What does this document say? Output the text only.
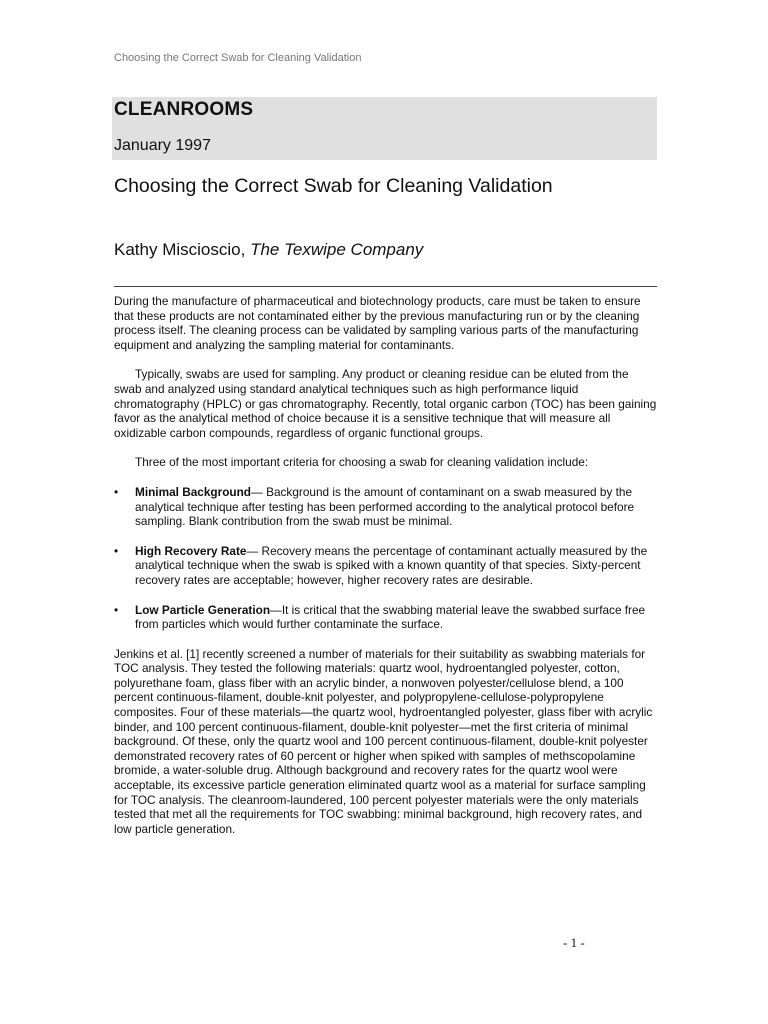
Choosing the Correct Swab for Cleaning Validation
CLEANROOMS
January 1997
Choosing the Correct Swab for Cleaning Validation
Kathy Miscioscio, The Texwipe Company

During the manufacture of pharmaceutical and biotechnology products, care must be taken to ensure that these products are not contaminated either by the previous manufacturing run or by the cleaning process itself. The cleaning process can be validated by sampling various parts of the manufacturing equipment and analyzing the sampling material for contaminants.

Typically, swabs are used for sampling. Any product or cleaning residue can be eluted from the swab and analyzed using standard analytical techniques such as high performance liquid chromatography (HPLC) or gas chromatography. Recently, total organic carbon (TOC) has been gaining favor as the analytical method of choice because it is a sensitive technique that will measure all oxidizable carbon compounds, regardless of organic functional groups.

Three of the most important criteria for choosing a swab for cleaning validation include:

• Minimal Background— Background is the amount of contaminant on a swab measured by the analytical technique after testing has been performed according to the analytical protocol before sampling. Blank contribution from the swab must be minimal.
• High Recovery Rate— Recovery means the percentage of contaminant actually measured by the analytical technique when the swab is spiked with a known quantity of that species. Sixty-percent recovery rates are acceptable; however, higher recovery rates are desirable.
• Low Particle Generation—It is critical that the swabbing material leave the swabbed surface free from particles which would further contaminate the surface.

Jenkins et al. [1] recently screened a number of materials for their suitability as swabbing materials for TOC analysis. They tested the following materials: quartz wool, hydroentangled polyester, cotton, polyurethane foam, glass fiber with an acrylic binder, a nonwoven polyester/cellulose blend, a 100 percent continuous-filament, double-knit polyester, and polypropylene-cellulose-polypropylene composites. Four of these materials—the quartz wool, hydroentangled polyester, glass fiber with acrylic binder, and 100 percent continuous-filament, double-knit polyester—met the first criteria of minimal background. Of these, only the quartz wool and 100 percent continuous-filament, double-knit polyester demonstrated recovery rates of 60 percent or higher when spiked with samples of methscopolamine bromide, a water-soluble drug. Although background and recovery rates for the quartz wool were acceptable, its excessive particle generation eliminated quartz wool as a material for surface sampling for TOC analysis. The cleanroom-laundered, 100 percent polyester materials were the only materials tested that met all the requirements for TOC swabbing: minimal background, high recovery rates, and low particle generation.

- 1 -
